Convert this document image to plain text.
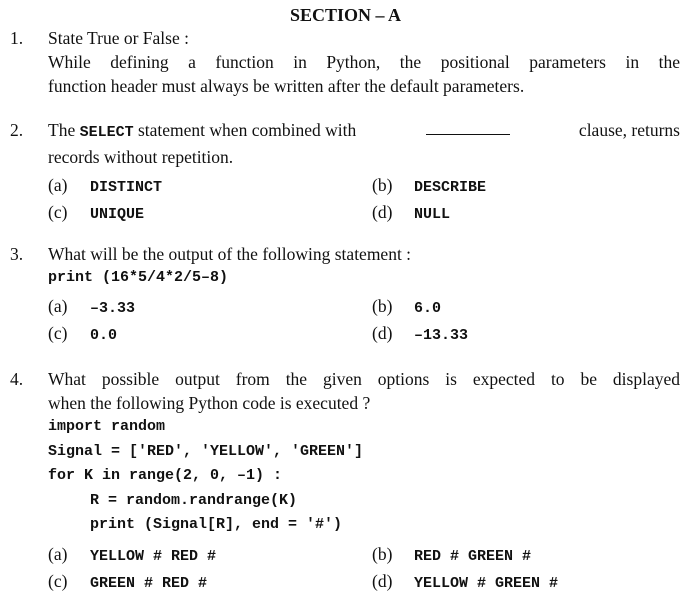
SECTION – A
1. State True or False :
While defining a function in Python, the positional parameters in the
function header must always be written after the default parameters.
2. The SELECT statement when combined with	clause, returns
records without repetition.
(a) DISTINCT	(b) DESCRIBE
(c) UNIQUE	(d) NULL
3. What will be the output of the following statement :
print (16*5/4*2/5–8)
(a) –3.33	(b) 6.0
(c) 0.0	(d) –13.33
4. What possible output from the given options is expected to be displayed
when the following Python code is executed ?
import random
Signal = ['RED', 'YELLOW', 'GREEN']
for K in range(2, 0, –1) :
R = random.randrange(K)
print (Signal[R], end = '#')
(a) YELLOW # RED #	(b) RED # GREEN #
(c) GREEN # RED #	(d) YELLOW # GREEN #
